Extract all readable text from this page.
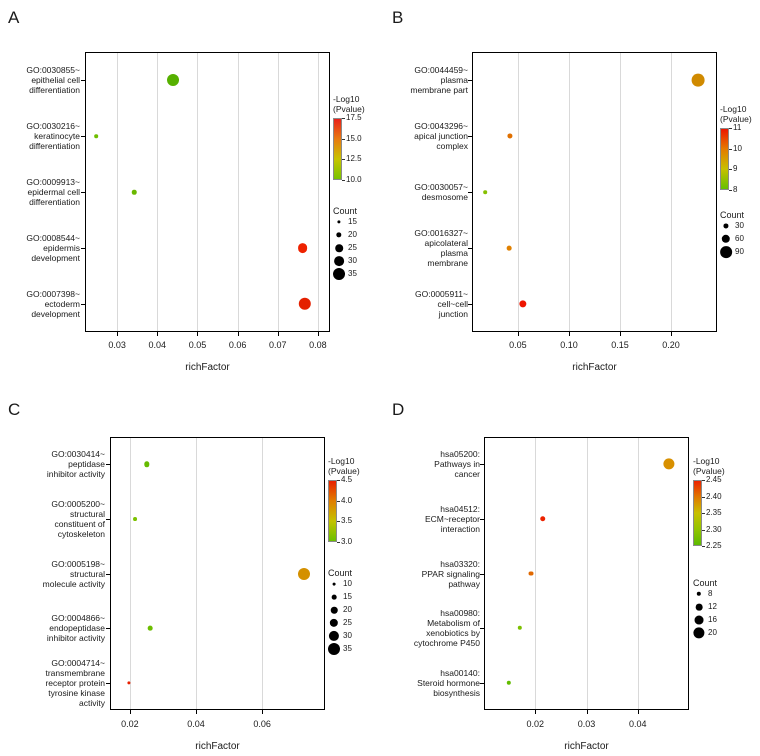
A
0.03	0.04	0.05	0.06	0.07	0.08
richFactor
GO:0030855~
epithelial cell
differentiation
GO:0030216~
keratinocyte
differentiation
GO:0009913~
epidermal cell
differentiation
GO:0008544~
epidermis
development
GO:0007398~
ectoderm
development
-Log10
(Pvalue)
17.5
15.0
12.5
10.0
Count
15
20
25
30
35
B
0.05	0.10	0.15	0.20
richFactor
GO:0044459~
plasma
membrane part
GO:0043296~
apical junction
complex
GO:0030057~
desmosome
GO:0016327~
apicolateral
plasma
membrane
GO:0005911~
cell~cell
junction
-Log10
(Pvalue)
11
10
9
8
Count
30
60
90
C
0.02	0.04	0.06
richFactor
GO:0030414~
peptidase
inhibitor activity
GO:0005200~
structural
constituent of
cytoskeleton
GO:0005198~
structural
molecule activity
GO:0004866~
endopeptidase
inhibitor activity
GO:0004714~
transmembrane
receptor protein
tyrosine kinase
activity
-Log10
(Pvalue)
4.5
4.0
3.5
3.0
Count
10
15
20
25
30
35
D
0.02	0.03	0.04
richFactor
hsa05200:
Pathways in
cancer
hsa04512:
ECM~receptor
interaction
hsa03320:
PPAR signaling
pathway
hsa00980:
Metabolism of
xenobiotics by
cytochrome P450
hsa00140:
Steroid hormone
biosynthesis
-Log10
(Pvalue)
2.45
2.40
2.35
2.30
2.25
Count
8
12
16
20
